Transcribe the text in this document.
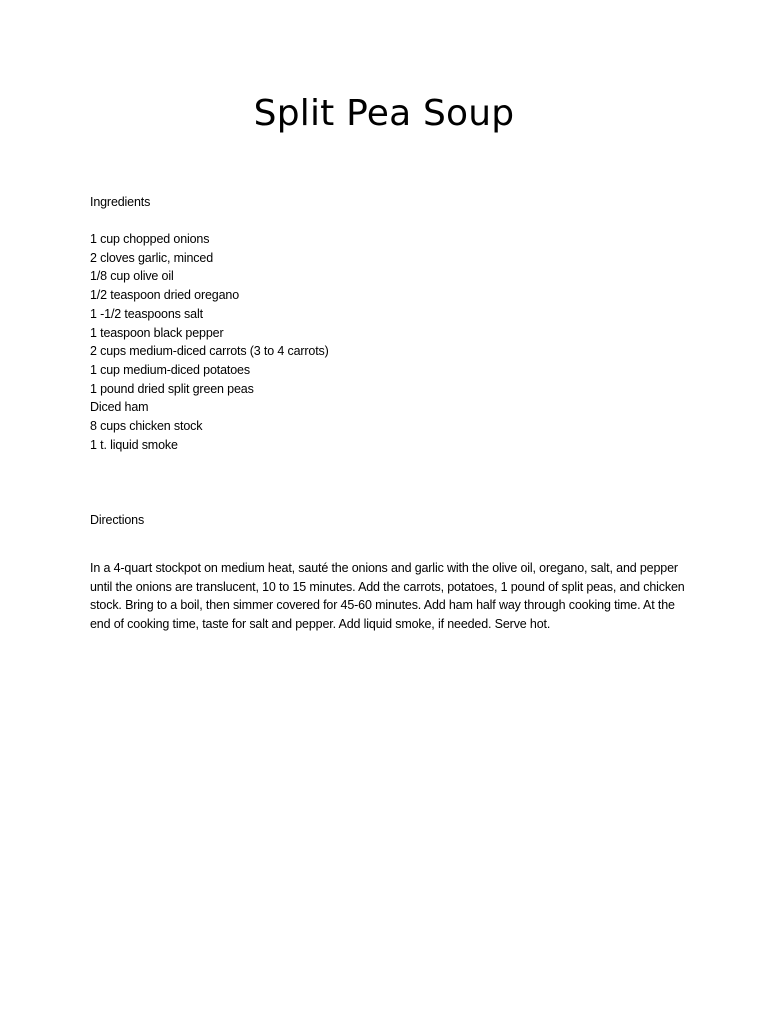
Split Pea Soup

Ingredients

1 cup chopped onions
2 cloves garlic, minced
1/8 cup olive oil
1/2 teaspoon dried oregano
1 -1/2 teaspoons salt
1 teaspoon black pepper
2 cups medium-diced carrots (3 to 4 carrots)
1 cup medium-diced potatoes
1 pound dried split green peas
Diced ham
8 cups chicken stock
1 t. liquid smoke

Directions

In a 4-quart stockpot on medium heat, sauté the onions and garlic with the olive oil, oregano, salt, and pepper until the onions are translucent, 10 to 15 minutes. Add the carrots, potatoes, 1 pound of split peas, and chicken stock. Bring to a boil, then simmer covered for 45-60 minutes. Add ham half way through cooking time. At the end of cooking time, taste for salt and pepper. Add liquid smoke, if needed. Serve hot.
